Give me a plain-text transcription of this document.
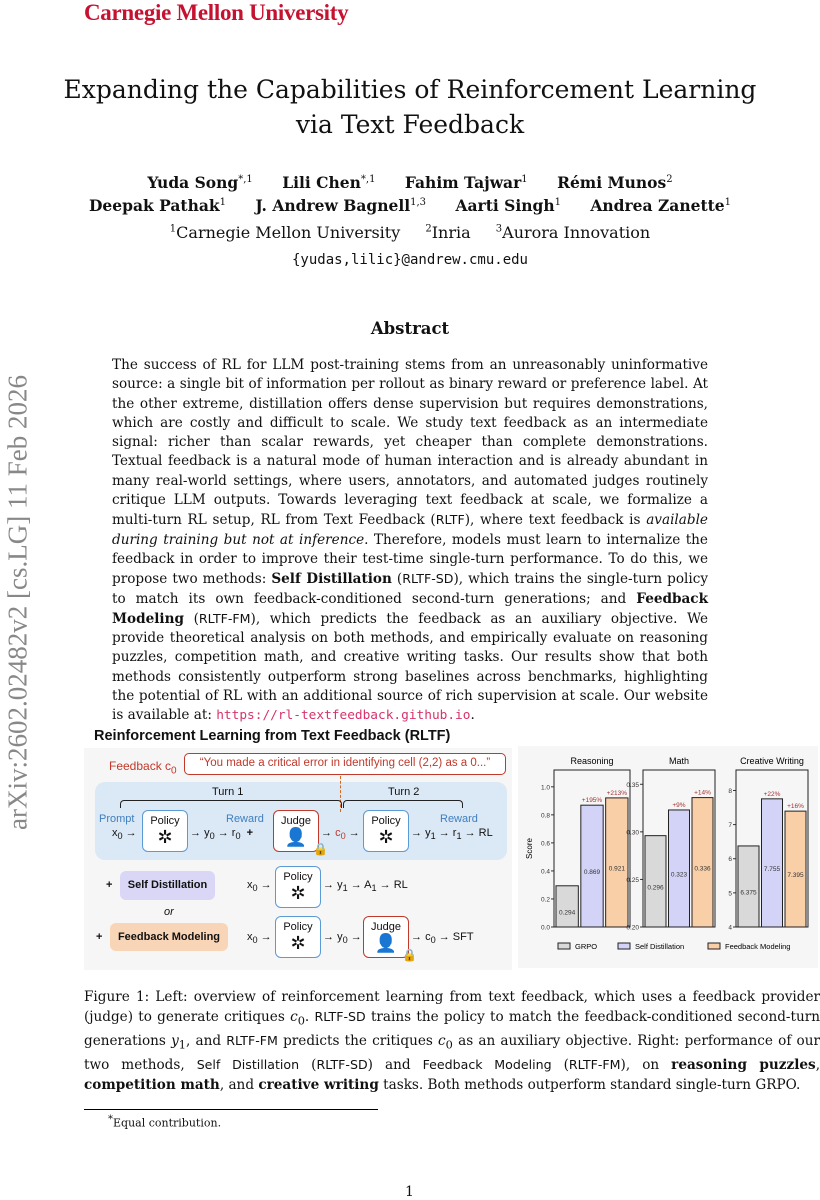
Carnegie Mellon University
arXiv:2602.02482v2 [cs.LG] 11 Feb 2026
Expanding the Capabilities of Reinforcement Learning via Text Feedback
Yuda Song$^{*,1}$ Lili Chen$^{*,1}$ Fahim Tajwar$^1$ Rémi Munos$^2$
Deepak Pathak$^1$ J. Andrew Bagnell$^{1,3}$ Aarti Singh$^1$ Andrea Zanette$^1$
$^1$Carnegie Mellon University	$^2$Inria	$^3$Aurora Innovation
{yudas,lilic}@andrew.cmu.edu
Abstract
The success of RL for LLM post-training stems from an unreasonably uninformative source: a single bit of information per rollout as binary reward or preference label. At the other extreme, distillation offers dense supervision but requires demonstrations, which are costly and difficult to scale. We study text feedback as an intermediate signal: richer than scalar rewards, yet cheaper than complete demonstrations. Textual feedback is a natural mode of human interaction and is already abundant in many real-world settings, where users, annotators, and automated judges routinely critique LLM outputs. Towards leveraging text feedback at scale, we formalize a multi-turn RL setup, RL from Text Feedback (RLTF), where text feedback is available during training but not at inference. Therefore, models must learn to internalize the feedback in order to improve their test-time single-turn performance. To do this, we propose two methods: Self Distillation (RLTF-SD), which trains the single-turn policy to match its own feedback-conditioned second-turn generations; and Feedback Modeling (RLTF-FM), which predicts the feedback as an auxiliary objective. We provide theoretical analysis on both methods, and empirically evaluate on reasoning puzzles, competition math, and creative writing tasks. Our results show that both methods consistently outperform strong baselines across benchmarks, highlighting the potential of RL with an additional source of rich supervision at scale. Our website is available at: https://rl-textfeedback.github.io.
Reinforcement Learning from Text Feedback (RLTF)
Feedback $c_0$
“You made a critical error in identifying cell (2,2) as a 0...”
Turn 1	Turn 2
Prompt
$x_0$ →
Policy
✲	→ $y_0 \to r_0$ +
Reward	Judge
👤
🔒
→ $c_0$ →
Policy
✲
Reward
→ $y_1 \to r_1$ → RL
+	Self Distillation	$x_0$ →
Policy
✲	→ $y_1 \to A_1$ → RL
or
+	Feedback Modeling	$x_0$ →
Policy
✲	→ $y_0$ →
Judge
👤
🔒
→ $c_0$ → SFT
Reasoning
0.0
0.2
0.4
0.6
0.8
1.0
0.294
0.869
+195%
0.921
+213%
Score
Math
0.20
0.25
0.30
0.35
0.296
0.323
+9%
0.336
+14%
Creative Writing
4
5
6
7
8
6.375
7.755
+22%
7.395
+16%
GRPO	Self Distillation	Feedback Modeling
Figure 1: Left: overview of reinforcement learning from text feedback, which uses a feedback provider (judge) to generate critiques $c_0$. RLTF-SD trains the policy to match the feedback-conditioned second-turn generations $y_1$, and RLTF-FM predicts the critiques $c_0$ as an auxiliary objective. Right: performance of our two methods, Self Distillation (RLTF-SD) and Feedback Modeling (RLTF-FM), on reasoning puzzles, competition math, and creative writing tasks. Both methods outperform standard single-turn GRPO.
*Equal contribution.
1
